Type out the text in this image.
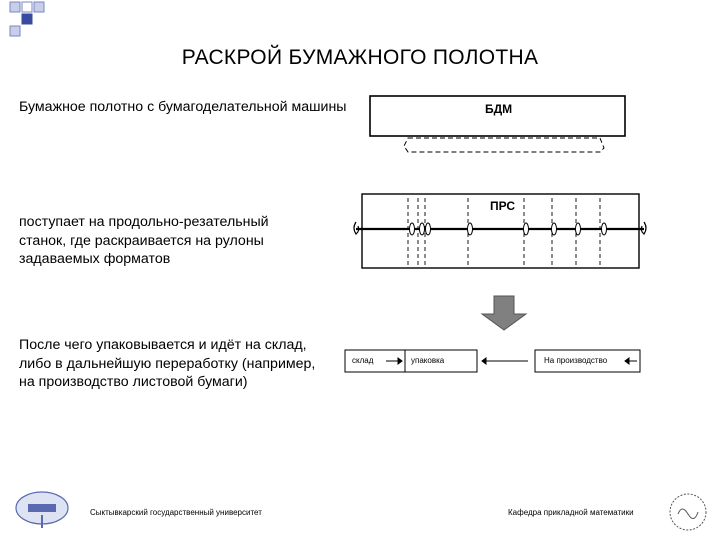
РАСКРОЙ БУМАЖНОГО ПОЛОТНА
Бумажное полотно с бумагоделательной машины
поступает на продольно-резательный станок, где раскраивается на рулоны задаваемых форматов
После чего упаковывается и идёт на склад, либо в дальнейшую переработку (например, на производство листовой бумаги)
БДМ
ПРС
склад	упаковка	На производство
Сыктывкарский государственный университет	Кафедра прикладной математики
